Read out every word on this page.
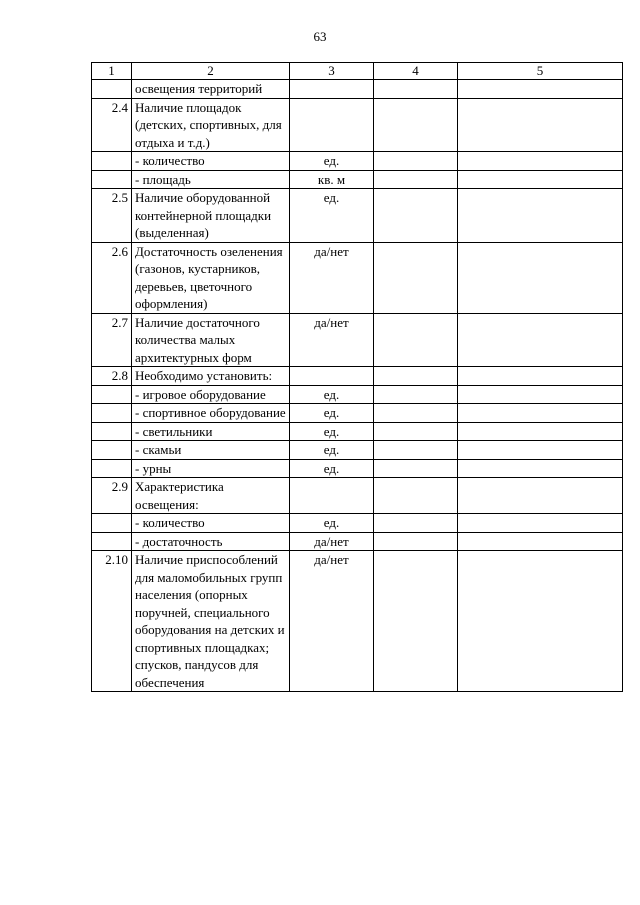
63
1	2	3	4	5
	освещения территорий			
2.4	Наличие площадок (детских, спортивных, для отдыха и т.д.)			
	- количество	ед.		
	- площадь	кв. м		
2.5	Наличие оборудованной контейнерной площадки (выделенная)	ед.		
2.6	Достаточность озеленения (газонов, кустарников, деревьев, цветочного оформления)	да/нет		
2.7	Наличие достаточного количества малых архитектурных форм	да/нет		
2.8	Необходимо установить:			
	- игровое оборудование	ед.		
	- спортивное оборудование	ед.		
	- светильники	ед.		
	- скамьи	ед.		
	- урны	ед.		
2.9	Характеристика освещения:			
	- количество	ед.		
	- достаточность	да/нет		
2.10	Наличие приспособлений для маломобильных групп населения (опорных поручней, специального оборудования на детских и спортивных площадках; спусков, пандусов для обеспечения	да/нет		
